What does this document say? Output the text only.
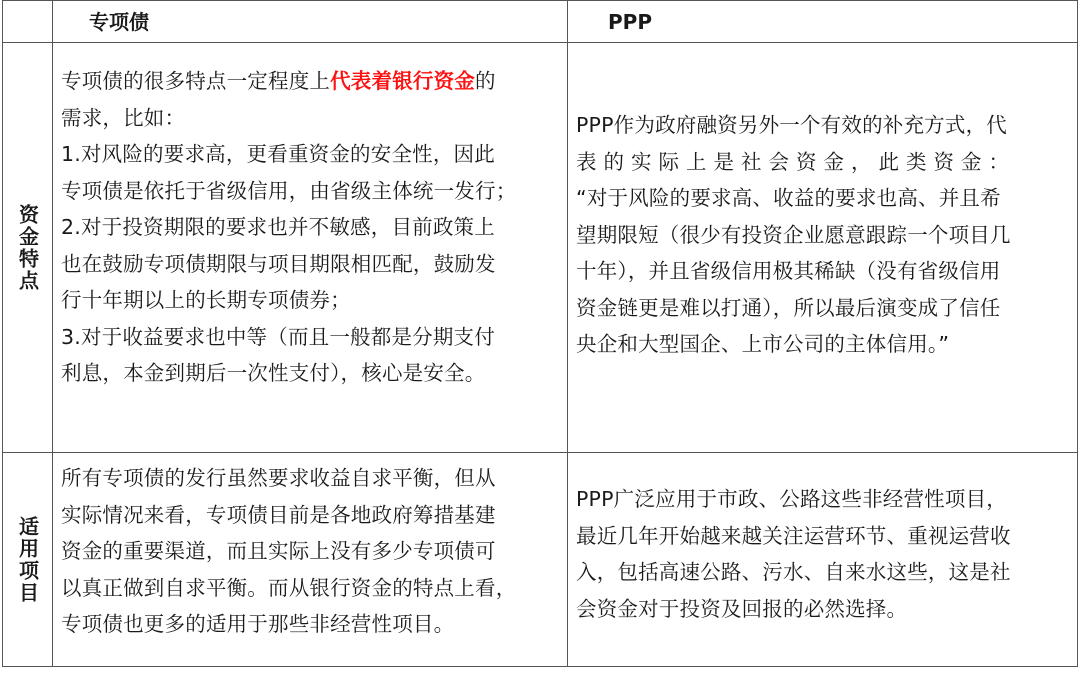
专项债	PPP
资金特点

专项债的很多特点一定程度上代表着银行资金的

需求，比如：

1.对风险的要求高，更看重资金的安全性，因此

专项债是依托于省级信用，由省级主体统一发行；

2.对于投资期限的要求也并不敏感，目前政策上

也在鼓励专项债期限与项目期限相匹配，鼓励发

行十年期以上的长期专项债券；

3.对于收益要求也中等（而且一般都是分期支付

利息，本金到期后一次性支付），核心是安全。

PPP作为政府融资另外一个有效的补充方式，代

表的实际上是社会资金，此类资金：

“对于风险的要求高、收益的要求也高、并且希

望期限短（很少有投资企业愿意跟踪一个项目几

十年），并且省级信用极其稀缺（没有省级信用

资金链更是难以打通），所以最后演变成了信任

央企和大型国企、上市公司的主体信用。”

适用项目

所有专项债的发行虽然要求收益自求平衡，但从

实际情况来看，专项债目前是各地政府筹措基建

资金的重要渠道，而且实际上没有多少专项债可

以真正做到自求平衡。而从银行资金的特点上看，

专项债也更多的适用于那些非经营性项目。

PPP广泛应用于市政、公路这些非经营性项目，

最近几年开始越来越关注运营环节、重视运营收

入，包括高速公路、污水、自来水这些，这是社

会资金对于投资及回报的必然选择。
